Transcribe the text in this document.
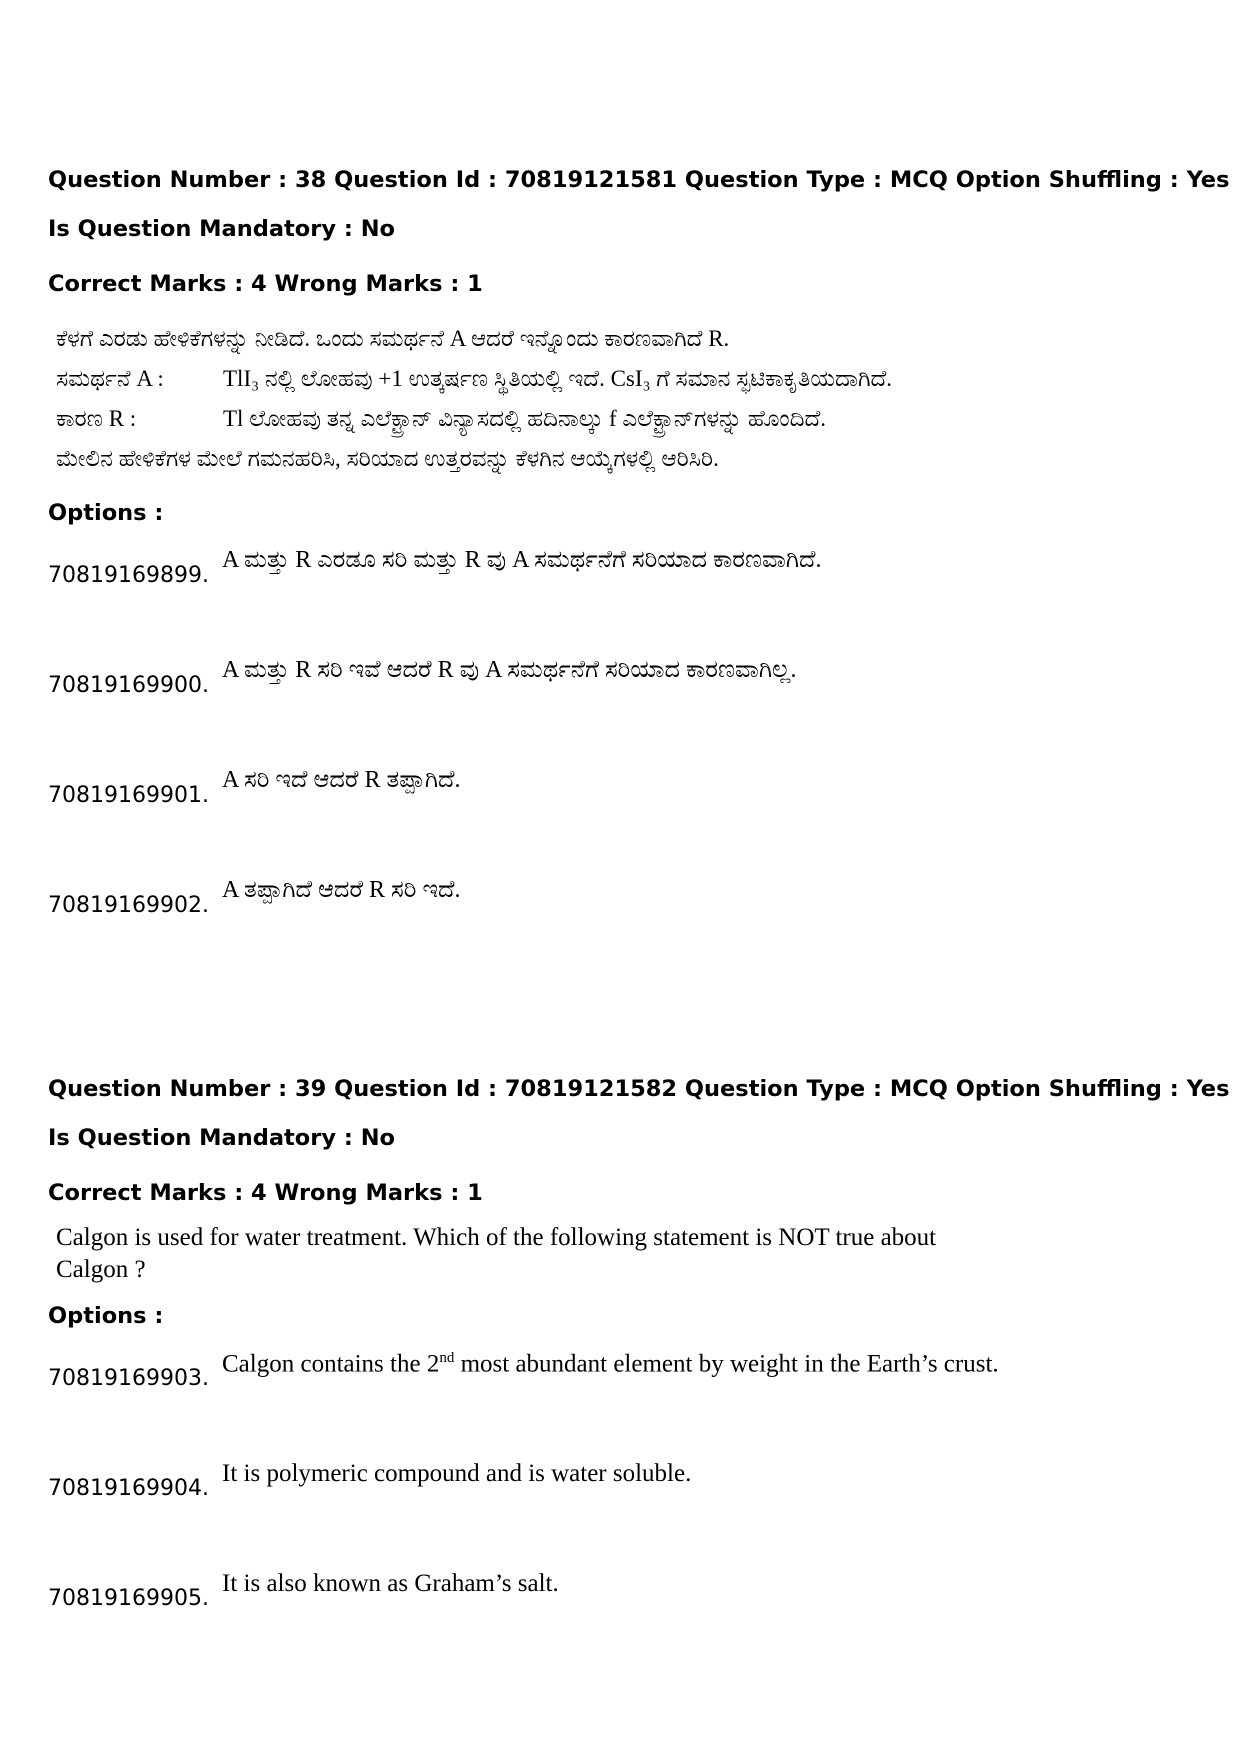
Question Number : 38 Question Id : 70819121581 Question Type : MCQ Option Shuffling : Yes
Is Question Mandatory : No
Correct Marks : 4 Wrong Marks : 1
ಕೆಳಗೆ ಎರಡು ಹೇಳಿಕೆಗಳನ್ನು ನೀಡಿದೆ. ಒಂದು ಸಮರ್ಥನೆ A ಆದರೆ ಇನ್ನೊಂದು ಕಾರಣವಾಗಿದೆ R.
ಸಮರ್ಥನೆ A :	TlI₃ ನಲ್ಲಿ ಲೋಹವು +1 ಉತ್ಕರ್ಷಣ ಸ್ಥಿತಿಯಲ್ಲಿ ಇದೆ. CsI₃ ಗೆ ಸಮಾನ ಸ್ಫಟಿಕಾಕೃತಿಯದಾಗಿದೆ.
ಕಾರಣ R :	Tl ಲೋಹವು ತನ್ನ ಎಲೆಕ್ಟ್ರಾನ್ ವಿನ್ಯಾಸದಲ್ಲಿ ಹದಿನಾಲ್ಕು f ಎಲೆಕ್ಟ್ರಾನ್‌ಗಳನ್ನು ಹೊಂದಿದೆ.
ಮೇಲಿನ ಹೇಳಿಕೆಗಳ ಮೇಲೆ ಗಮನಹರಿಸಿ, ಸರಿಯಾದ ಉತ್ತರವನ್ನು ಕೆಳಗಿನ ಆಯ್ಕೆಗಳಲ್ಲಿ ಆರಿಸಿರಿ.
Options :
70819169899.
A ಮತ್ತು R ಎರಡೂ ಸರಿ ಮತ್ತು R ವು A ಸಮರ್ಥನೆಗೆ ಸರಿಯಾದ ಕಾರಣವಾಗಿದೆ.
70819169900.
A ಮತ್ತು R ಸರಿ ಇವೆ ಆದರೆ R ವು A ಸಮರ್ಥನೆಗೆ ಸರಿಯಾದ ಕಾರಣವಾಗಿಲ್ಲ.
70819169901.
A ಸರಿ ಇದೆ ಆದರೆ R ತಪ್ಪಾಗಿದೆ.
70819169902.
A ತಪ್ಪಾಗಿದೆ ಆದರೆ R ಸರಿ ಇದೆ.
Question Number : 39 Question Id : 70819121582 Question Type : MCQ Option Shuffling : Yes
Is Question Mandatory : No
Correct Marks : 4 Wrong Marks : 1
Calgon is used for water treatment. Which of the following statement is NOT true about
Calgon ?
Options :
70819169903.
Calgon contains the 2nd most abundant element by weight in the Earth’s crust.
70819169904.
It is polymeric compound and is water soluble.
70819169905.
It is also known as Graham’s salt.
